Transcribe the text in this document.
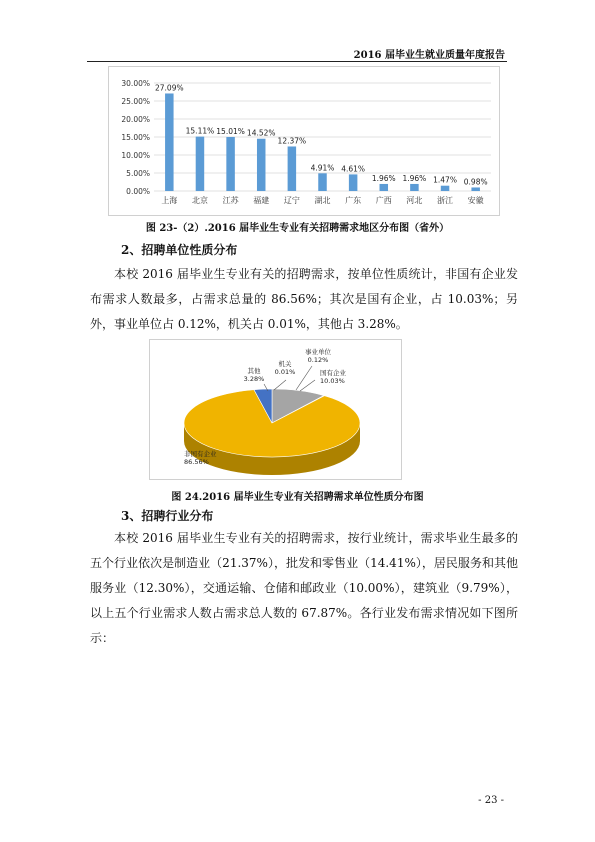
2016 届毕业生就业质量年度报告
0.00%
5.00%
10.00%
15.00%
20.00%
25.00%
30.00% 27.09%
上海
15.11%
北京
15.01%
江苏
14.52%
福建
12.37%
辽宁
4.91%
湖北
4.61%
广东
1.96%
广西
1.96%
河北
1.47%
浙江
0.98%
安徽
图 23-（2）.2016 届毕业生专业有关招聘需求地区分布图（省外）
2、招聘单位性质分布

本校 2016 届毕业生专业有关的招聘需求，按单位性质统计，非国有企业发布需求人数最多，占需求总量的 86.56%；其次是国有企业，占 10.03%；另外，事业单位占 0.12%，机关占 0.01%，其他占 3.28%。

非国有企业
86.56%
国有企业
10.03%
事业单位
0.12%
机关
0.01%
其他
3.28%
图 24.2016 届毕业生专业有关招聘需求单位性质分布图
3、招聘行业分布

本校 2016 届毕业生专业有关的招聘需求，按行业统计，需求毕业生最多的五个行业依次是制造业（21.37%），批发和零售业（14.41%），居民服务和其他服务业（12.30%），交通运输、仓储和邮政业（10.00%），建筑业（9.79%），以上五个行业需求人数占需求总人数的 67.87%。各行业发布需求情况如下图所示：

- 23 -
